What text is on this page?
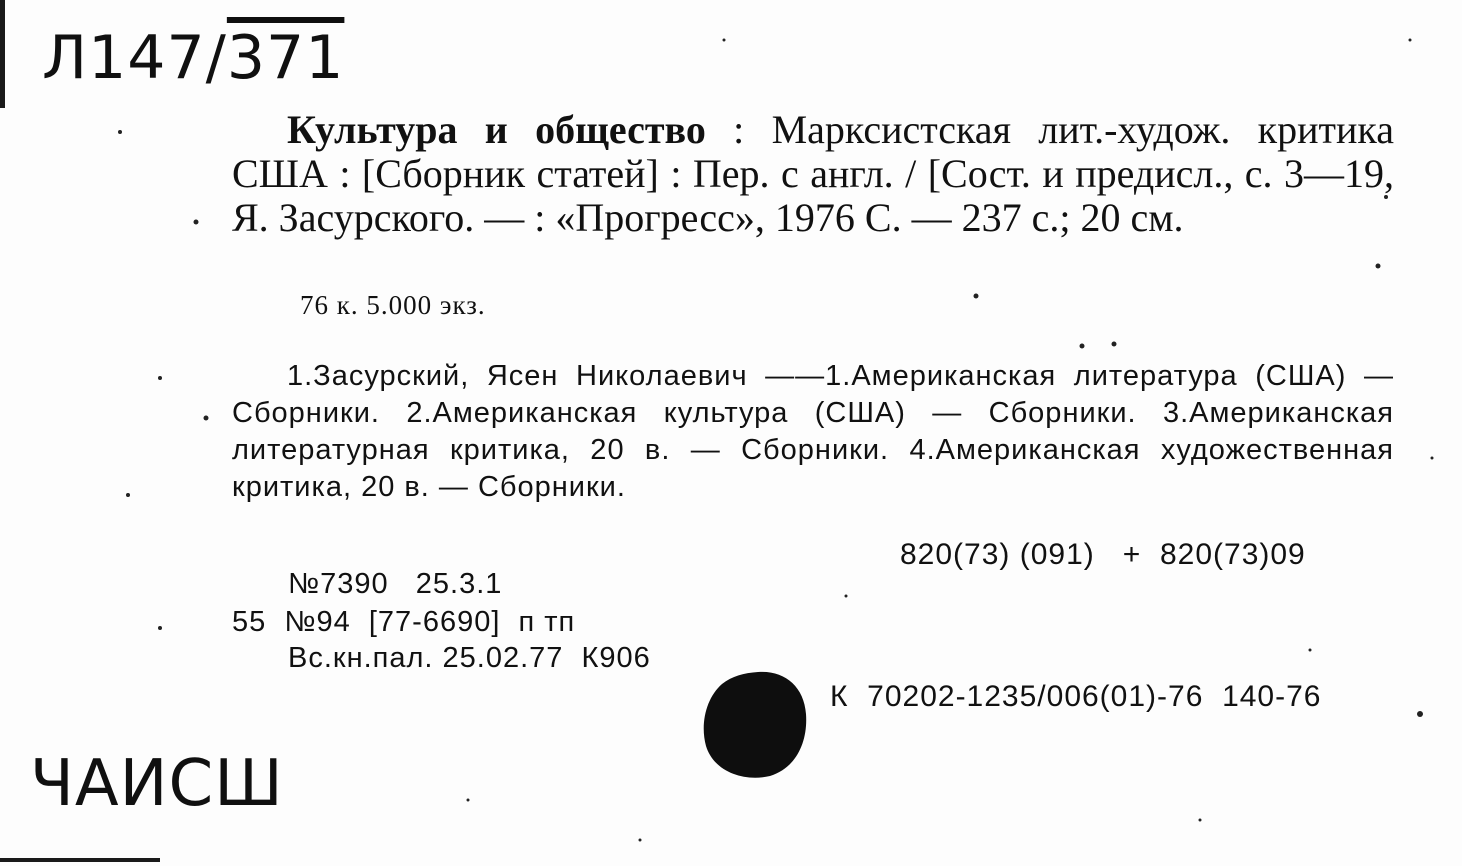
Л147/371

Культура и общество : Марксистская лит.-худож. критика США : [Сборник статей] : Пер. с англ. / [Сост. и предисл., с. 3—19, Я. Засурского. — : «Прогресс», 1976 С. — 237 с.; 20 см.

76 к. 5.000 экз.

1.Засурский, Ясен Николаевич ——1.Американская литература (США) — Сборники. 2.Американская культура (США) — Сборники. 3.Американская литературная критика, 20 в. — Сборники. 4.Американская художественная критика, 20 в. — Сборники.

820(73) (091)   +  820(73)09
№7390   25.3.1
55  №94  [77-6690]  п тп
Вс.кн.пал. 25.02.77  К906
К  70202-1235/006(01)-76  140-76
ЧАИСШ
